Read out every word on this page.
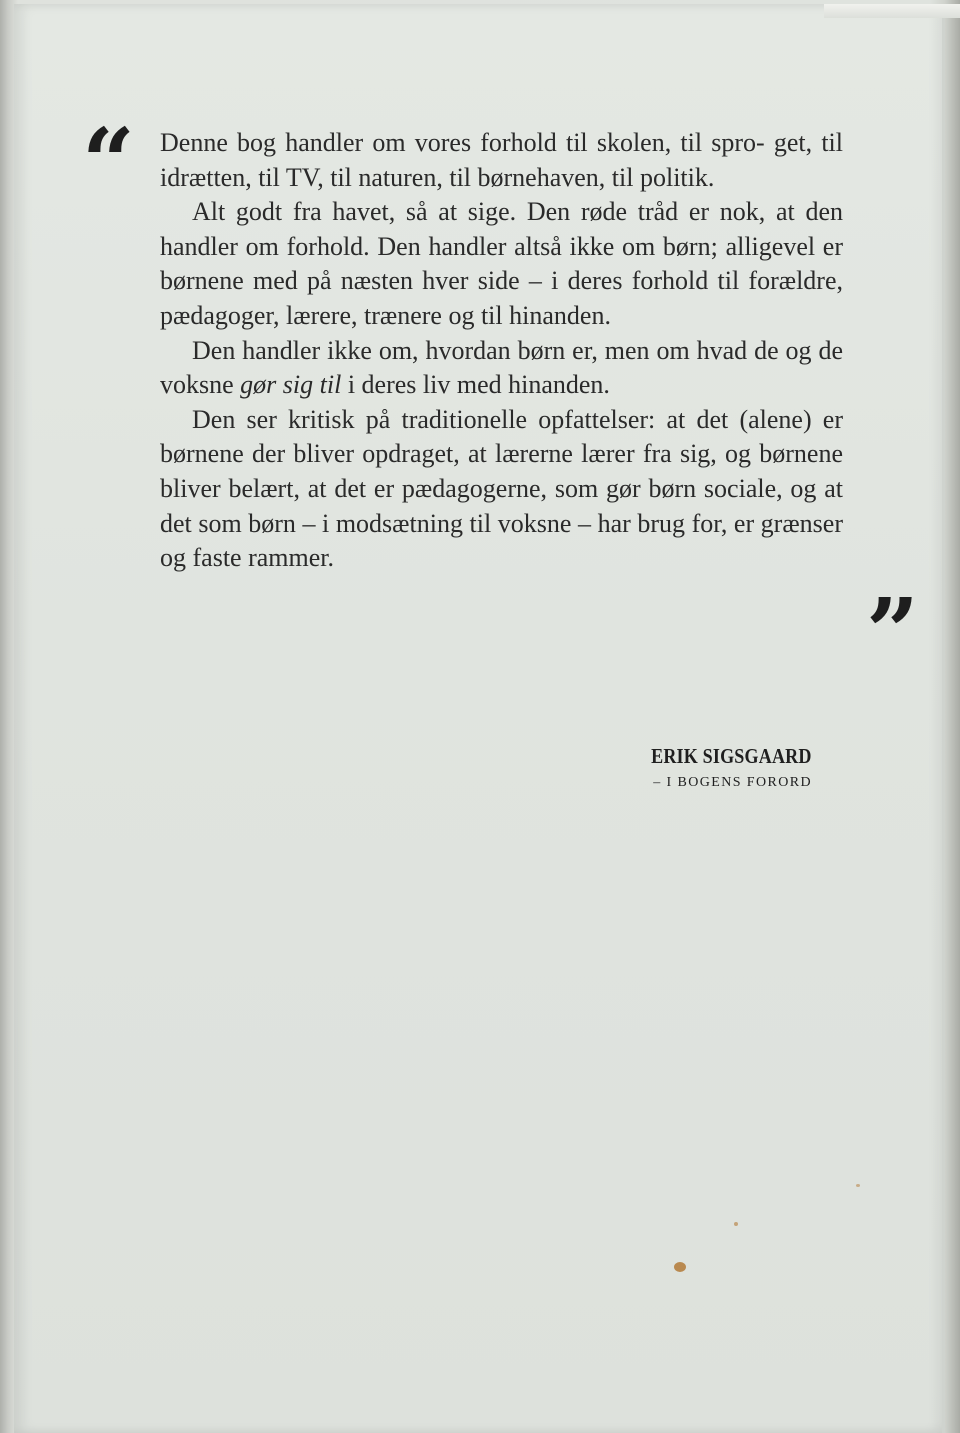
“ Denne bog handler om vores forhold til skolen, til spro- get, til idrætten, til TV, til naturen, til børnehaven, til politik.

Alt godt fra havet, så at sige. Den røde tråd er nok, at den handler om forhold. Den handler altså ikke om børn; alligevel er børnene med på næsten hver side – i deres forhold til forældre, pædagoger, lærere, trænere og til hinanden.

Den handler ikke om, hvordan børn er, men om hvad de og de voksne gør sig til i deres liv med hinanden.

Den ser kritisk på traditionelle opfattelser: at det (alene) er børnene der bliver opdraget, at lærerne lærer fra sig, og børnene bliver belært, at det er pædagogerne, som gør børn sociale, og at det som børn – i modsætning til voksne – har brug for, er grænser og faste rammer.

”
ERIK SIGSGAARD
– I BOGENS FORORD
